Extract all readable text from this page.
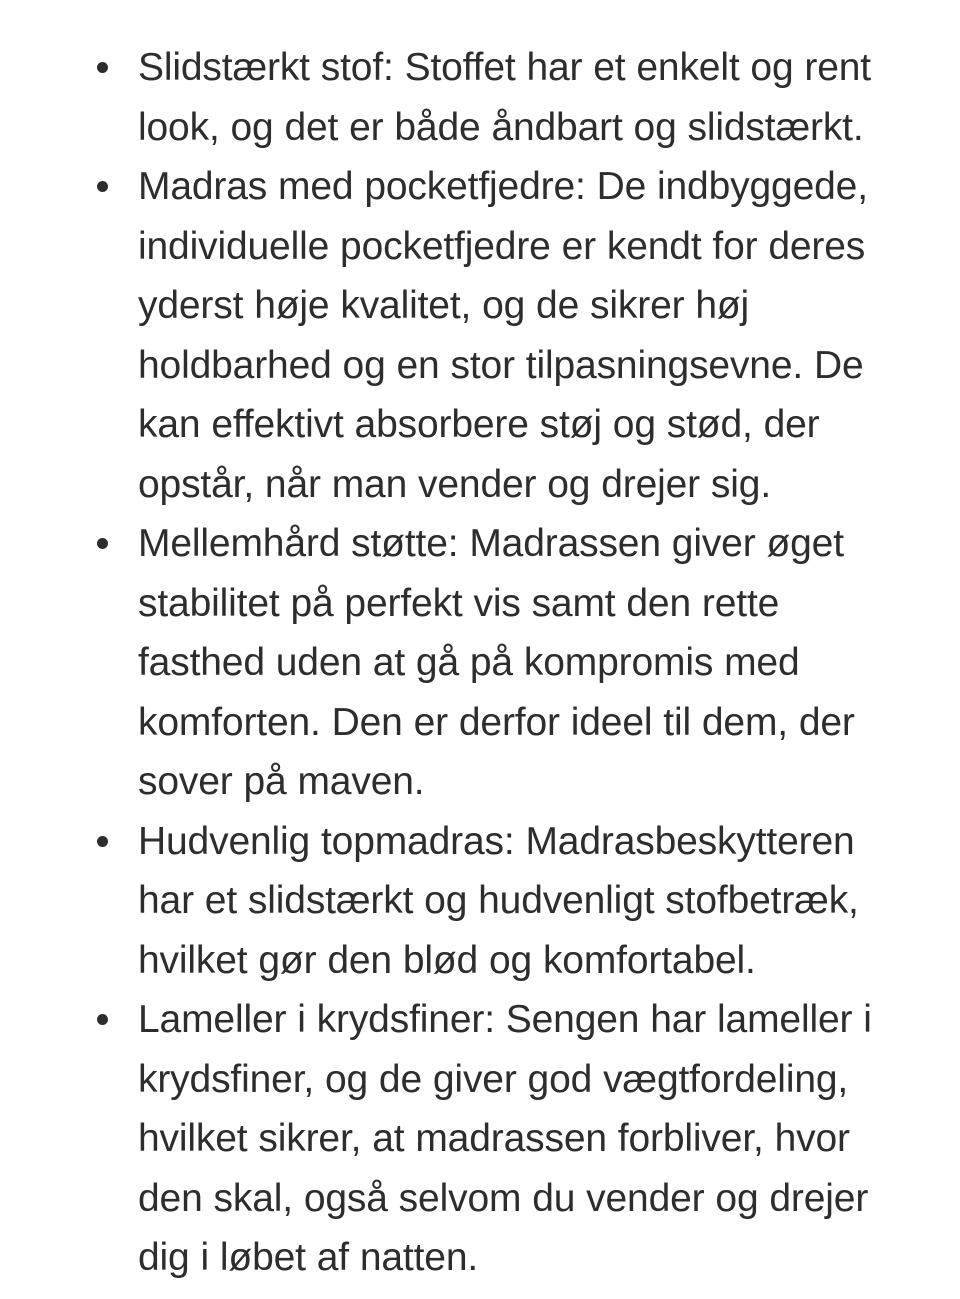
Slidstærkt stof: Stoffet har et enkelt og rent look, og det er både åndbart og slidstærkt.
Madras med pocketfjedre: De indbyggede, individuelle pocketfjedre er kendt for deres yderst høje kvalitet, og de sikrer høj holdbarhed og en stor tilpasningsevne. De kan effektivt absorbere støj og stød, der opstår, når man vender og drejer sig.
Mellemhård støtte: Madrassen giver øget stabilitet på perfekt vis samt den rette fasthed uden at gå på kompromis med komforten. Den er derfor ideel til dem, der sover på maven.
Hudvenlig topmadras: Madrasbeskytteren har et slidstærkt og hudvenligt stofbetræk, hvilket gør den blød og komfortabel.
Lameller i krydsfiner: Sengen har lameller i krydsfiner, og de giver god vægtfordeling, hvilket sikrer, at madrassen forbliver, hvor den skal, også selvom du vender og drejer dig i løbet af natten.
